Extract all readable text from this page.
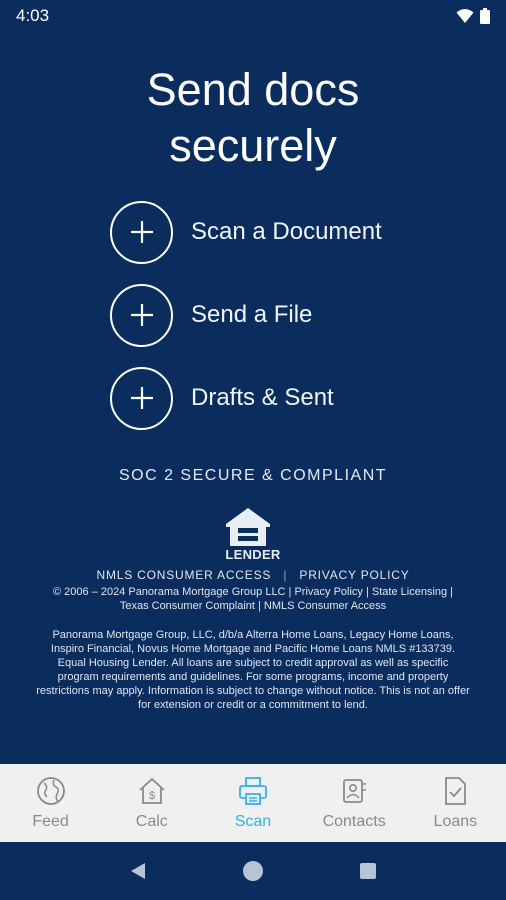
4:03
Send docs
securely
Scan a Document
Send a File
Drafts & Sent
SOC 2 SECURE & COMPLIANT
LENDER
NMLS CONSUMER ACCESS | PRIVACY POLICY
© 2006 – 2024 Panorama Mortgage Group LLC | Privacy Policy | State Licensing | Texas Consumer Complaint | NMLS Consumer Access
Panorama Mortgage Group, LLC, d/b/a Alterra Home Loans, Legacy Home Loans, Inspiro Financial, Novus Home Mortgage and Pacific Home Loans NMLS #133739. Equal Housing Lender. All loans are subject to credit approval as well as specific program requirements and guidelines. For some programs, income and property restrictions may apply. Information is subject to change without notice. This is not an offer for extension or credit or a commitment to lend.
Feed
$
Calc	Scan	Contacts	Loans
